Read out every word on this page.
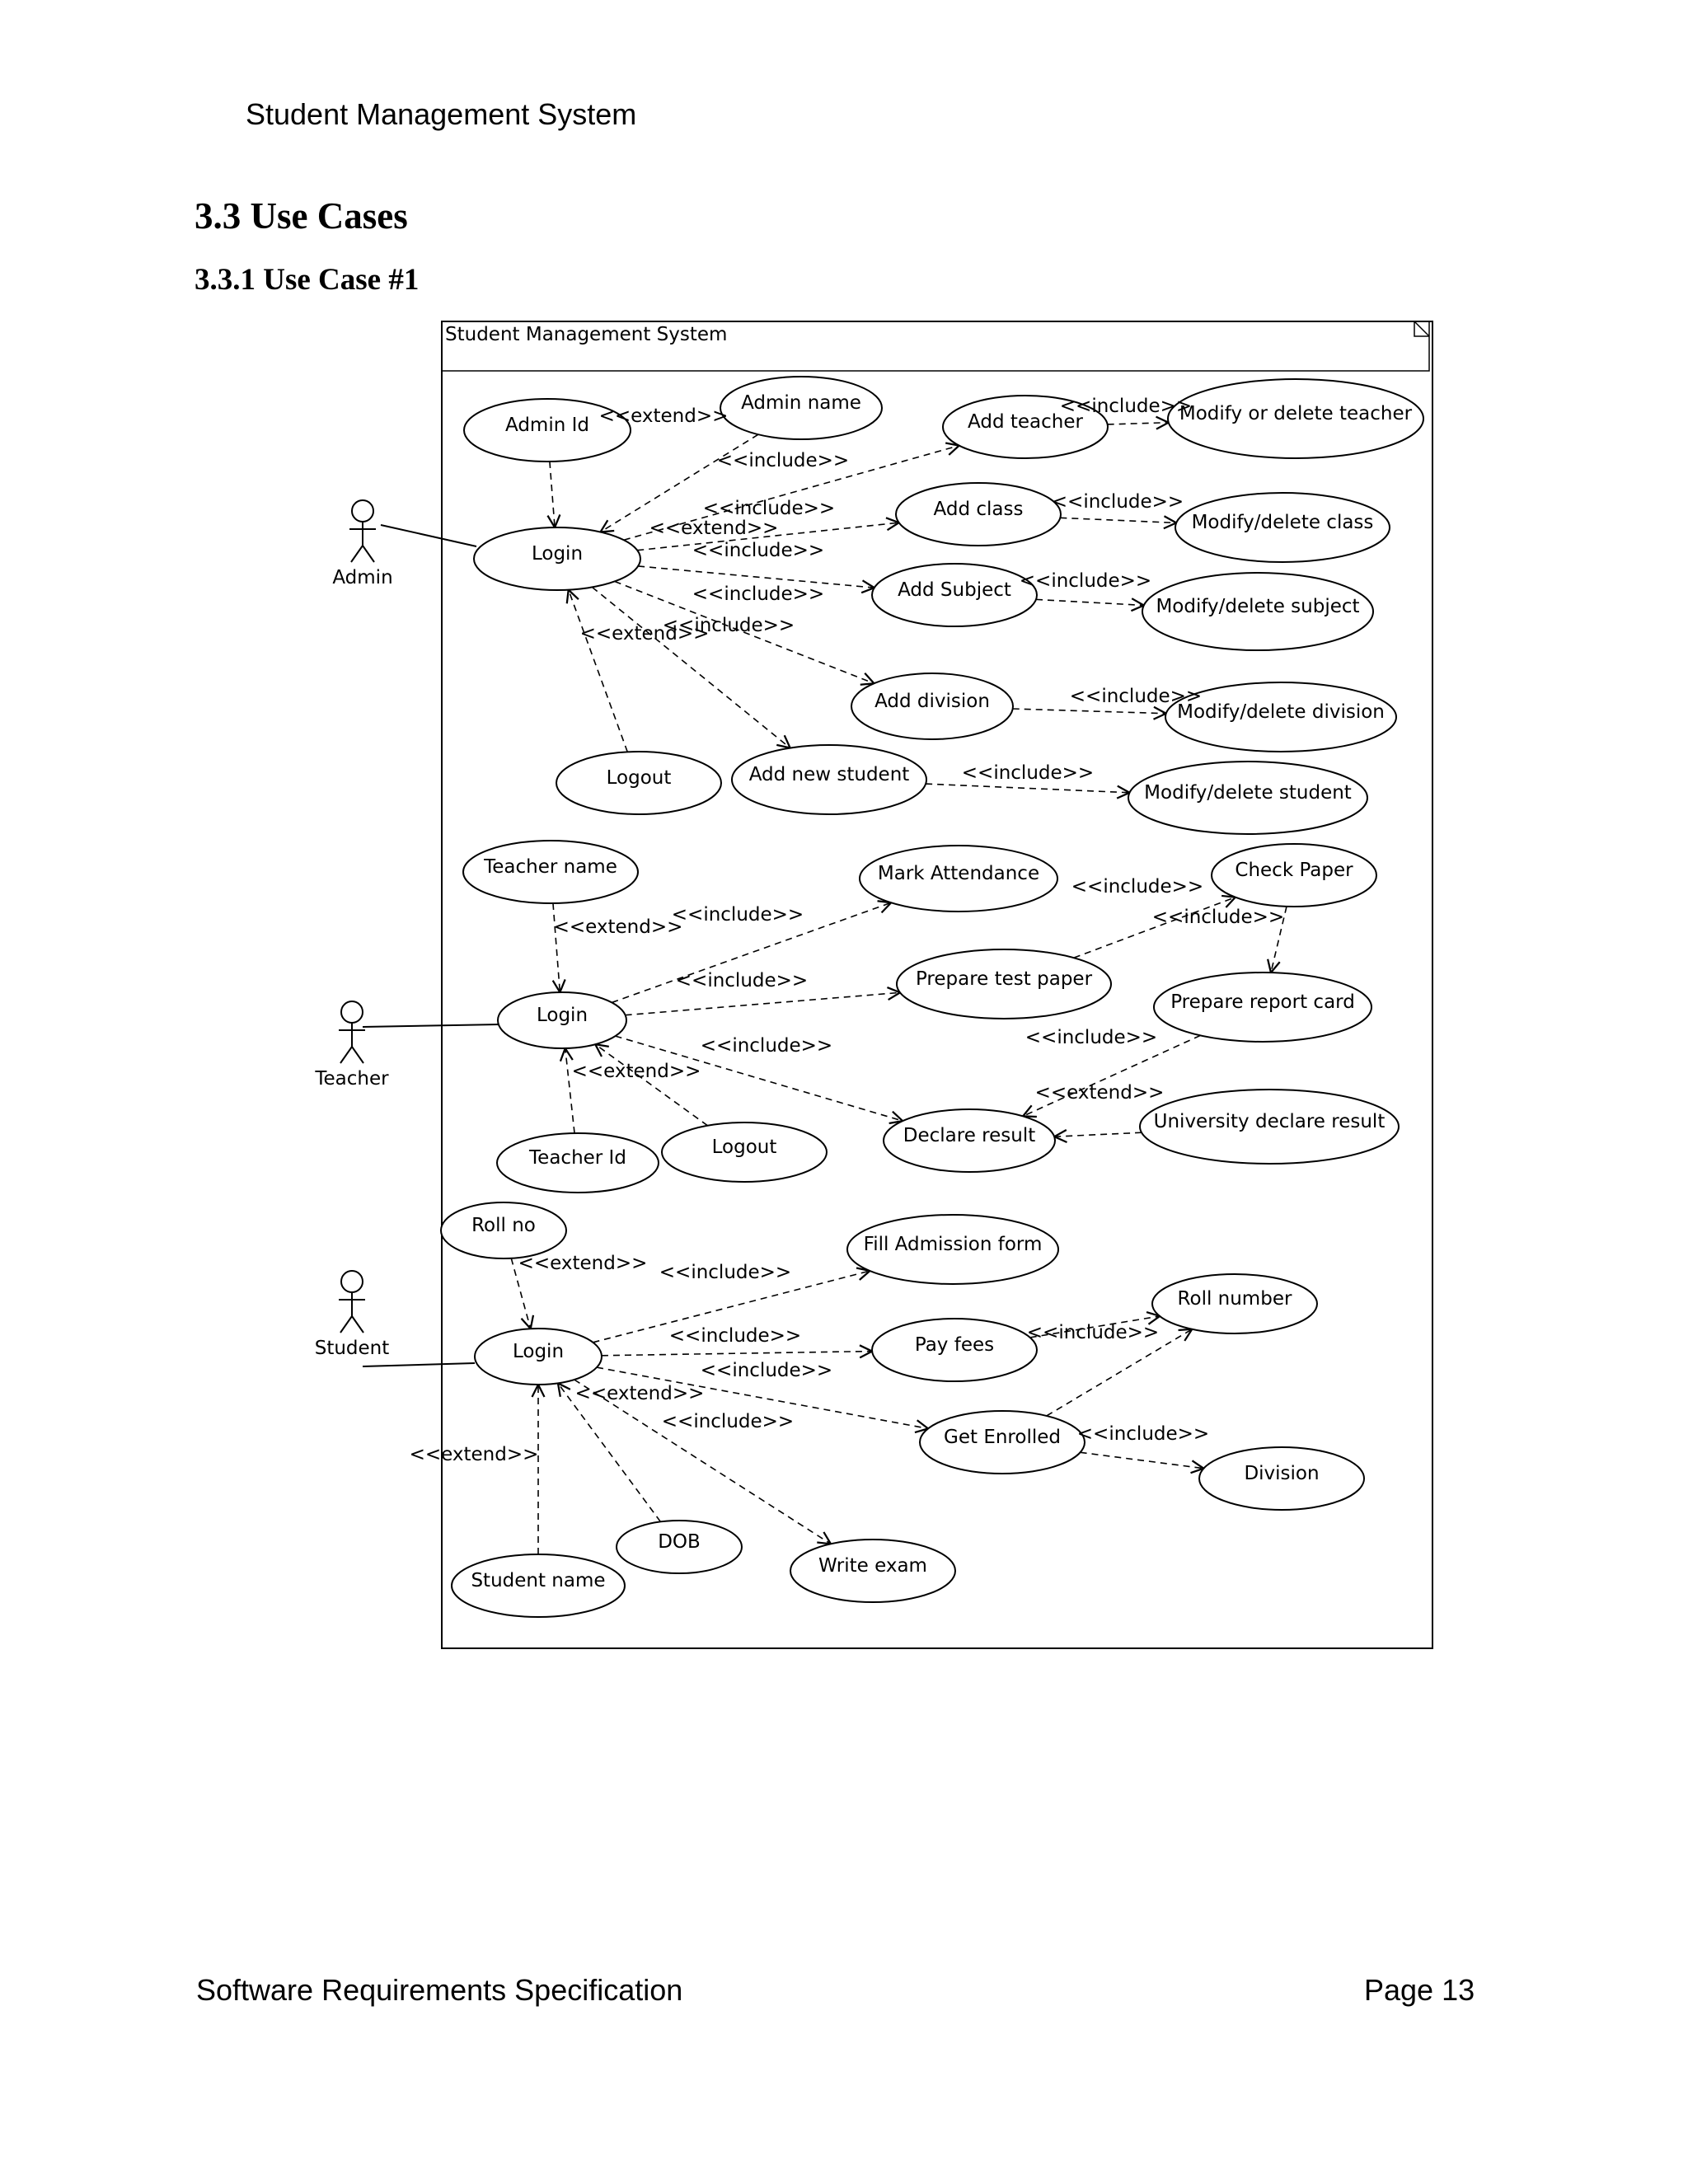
Student Management System
3.3 Use Cases
3.3.1 Use Case #1
Student Management System
Admin Id
Admin name
Add teacher	Modify or delete teacher
Login
Add class
Modify/delete class
Add Subject
Modify/delete subject
Add division	Modify/delete division
Logout	Add new student
Modify/delete student
Teacher name	Mark Attendance	Check Paper
Prepare test paper
Login
Prepare report card
Teacher Id	Logout
Declare result
University declare result
Roll no
Fill Admission form
Roll number
Login	Pay fees
Get Enrolled
Division
DOB
Student name
Write exam
Admin
Teacher
Student
<<extend>>
<<extend>>
<<include>>
<<include>>
<<include>>	<<include>>
<<include>>
<<include>>
<<include>>
<<include>>
<<include>>
<<include>>
<<extend>>
<<extend>>
<<include>>
<<include>>
<<include>>
<<include>>
<<include>>
<<include>>
<<extend>>
<<extend>>
<<extend>> <<include>>
<<include>>	<<include>>
<<include>>
<<include>>
<<include>>
<<extend>>
<<extend>>
Software Requirements Specification	Page 13
